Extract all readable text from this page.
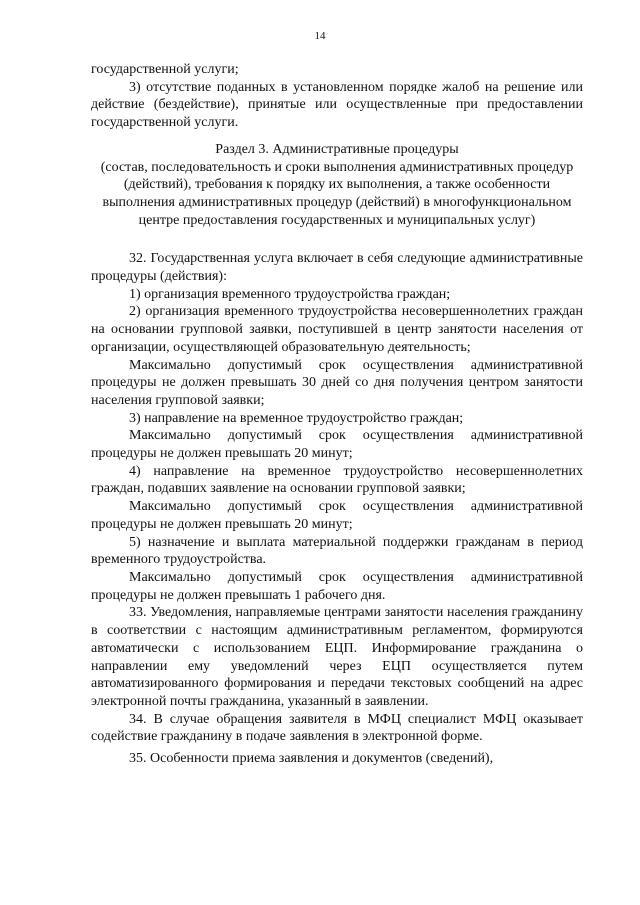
14

государственной услуги;

3) отсутствие поданных в установленном порядке жалоб на решение или действие (бездействие), принятые или осуществленные при предоставлении государственной услуги.

Раздел 3. Административные процедуры

(состав, последовательность и сроки выполнения административных процедур (действий), требования к порядку их выполнения, а также особенности выполнения административных процедур (действий) в многофункциональном центре предоставления государственных и муниципальных услуг)

32. Государственная услуга включает в себя следующие административные процедуры (действия):

1) организация временного трудоустройства граждан;

2) организация временного трудоустройства несовершеннолетних граждан на основании групповой заявки, поступившей в центр занятости населения от организации, осуществляющей образовательную деятельность;

Максимально допустимый срок осуществления административной процедуры не должен превышать 30 дней со дня получения центром занятости населения групповой заявки;

3) направление на временное трудоустройство граждан;

Максимально допустимый срок осуществления административной процедуры не должен превышать 20 минут;

4) направление на временное трудоустройство несовершеннолетних граждан, подавших заявление на основании групповой заявки;

Максимально допустимый срок осуществления административной процедуры не должен превышать 20 минут;

5) назначение и выплата материальной поддержки гражданам в период временного трудоустройства.

Максимально допустимый срок осуществления административной процедуры не должен превышать 1 рабочего дня.

33. Уведомления, направляемые центрами занятости населения гражданину в соответствии с настоящим административным регламентом, формируются автоматически с использованием ЕЦП. Информирование гражданина о направлении ему уведомлений через ЕЦП осуществляется путем автоматизированного формирования и передачи текстовых сообщений на адрес электронной почты гражданина, указанный в заявлении.

34. В случае обращения заявителя в МФЦ специалист МФЦ оказывает содействие гражданину в подаче заявления в электронной форме.

35. Особенности приема заявления и документов (сведений),
